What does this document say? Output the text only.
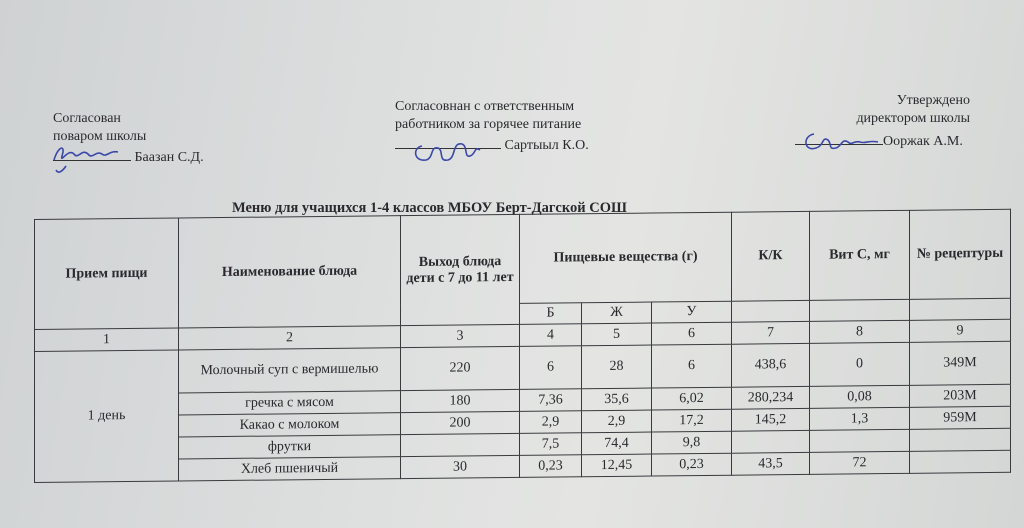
Согласован
поваром школы
Баазан С.Д.
Согласовнан с ответственным
работником за горячее питание
Сартыыл К.О.
Утверждено
директором школы
Ооржак А.М.
Меню для учащихся 1-4 классов МБОУ Берт-Дагской СОШ
Прием пищи	Наименование блюда	Выход блюда дети с 7 до 11 лет	Пищевые вещества (г)			К/К	Вит С, мг	№ рецептуры
			Б	Ж	У			
1	2	3	4	5	6	7	8	9
1 день	Молочный суп с вермишелью	220	6	28	6	438,6	0	349М
	гречка с мясом	180	7,36	35,6	6,02	280,234	0,08	203М
	Какао с молоком	200	2,9	2,9	17,2	145,2	1,3	959М
	фрутки		7,5	74,4	9,8			
	Хлеб пшеничый	30	0,23	12,45	0,23	43,5	72	
